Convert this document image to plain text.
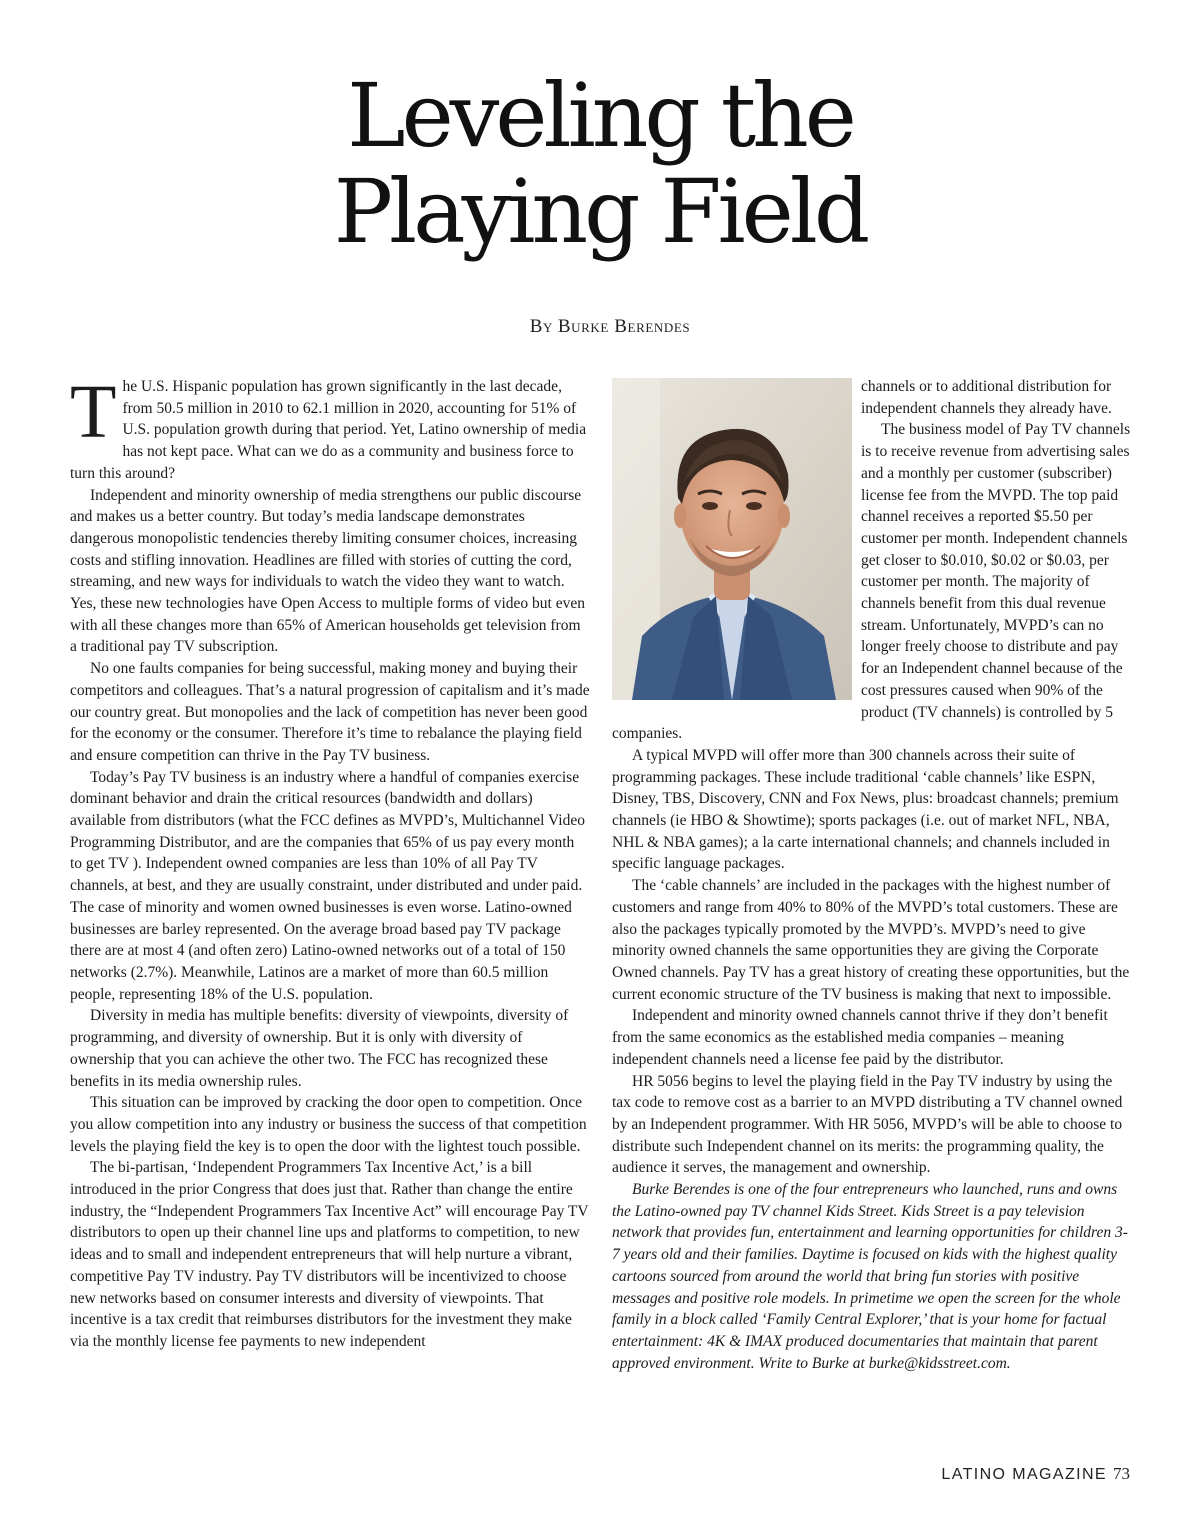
Leveling the
Playing Field
By Burke Berendes

The U.S. Hispanic population has grown significantly in the last decade, from 50.5 million in 2010 to 62.1 million in 2020, accounting for 51% of U.S. population growth during that period. Yet, Latino ownership of media has not kept pace. What can we do as a community and business force to turn this around?

Independent and minority ownership of media strengthens our public discourse and makes us a better country. But today’s media landscape demonstrates dangerous monopolistic tendencies thereby limiting consumer choices, increasing costs and stifling innovation. Headlines are filled with stories of cutting the cord, streaming, and new ways for individuals to watch the video they want to watch. Yes, these new technologies have Open Access to multiple forms of video but even with all these changes more than 65% of American households get television from a traditional pay TV subscription.

No one faults companies for being successful, making money and buying their competitors and colleagues. That’s a natural progression of capitalism and it’s made our country great. But monopolies and the lack of competition has never been good for the economy or the consumer. Therefore it’s time to rebalance the playing field and ensure competition can thrive in the Pay TV business.

Today’s Pay TV business is an industry where a handful of companies exercise dominant behavior and drain the critical resources (bandwidth and dollars) available from distributors (what the FCC defines as MVPD’s, Multichannel Video Programming Distributor, and are the companies that 65% of us pay every month to get TV ). Independent owned companies are less than 10% of all Pay TV channels, at best, and they are usually constraint, under distributed and under paid. The case of minority and women owned businesses is even worse. Latino-owned businesses are barley represented. On the average broad based pay TV package there are at most 4 (and often zero) Latino-owned networks out of a total of 150 networks (2.7%). Meanwhile, Latinos are a market of more than 60.5 million people, representing 18% of the U.S. population.

Diversity in media has multiple benefits: diversity of viewpoints, diversity of programming, and diversity of ownership. But it is only with diversity of ownership that you can achieve the other two. The FCC has recognized these benefits in its media ownership rules.

This situation can be improved by cracking the door open to competition. Once you allow competition into any industry or business the success of that competition levels the playing field the key is to open the door with the lightest touch possible.

The bi-partisan, ‘Independent Programmers Tax Incentive Act,’ is a bill introduced in the prior Congress that does just that. Rather than change the entire industry, the “Independent Programmers Tax Incentive Act” will encourage Pay TV distributors to open up their channel line ups and platforms to competition, to new ideas and to small and independent entrepreneurs that will help nurture a vibrant, competitive Pay TV industry. Pay TV distributors will be incentivized to choose new networks based on consumer interests and diversity of viewpoints. That incentive is a tax credit that reimburses distributors for the investment they make via the monthly license fee payments to new independent

channels or to additional distribution for independent channels they already have.

The business model of Pay TV channels is to receive revenue from advertising sales and a monthly per customer (subscriber) license fee from the MVPD. The top paid channel receives a reported $5.50 per customer per month. Independent channels get closer to $0.010, $0.02 or $0.03, per customer per month. The majority of channels benefit from this dual revenue stream. Unfortunately, MVPD’s can no longer freely choose to distribute and pay for an Independent channel because of the cost pressures caused when 90% of the product (TV channels) is controlled by 5 companies.

A typical MVPD will offer more than 300 channels across their suite of programming packages. These include traditional ‘cable channels’ like ESPN, Disney, TBS, Discovery, CNN and Fox News, plus: broadcast channels; premium channels (ie HBO & Showtime); sports packages (i.e. out of market NFL, NBA, NHL & NBA games); a la carte international channels; and channels included in specific language packages.

The ‘cable channels’ are included in the packages with the highest number of customers and range from 40% to 80% of the MVPD’s total customers. These are also the packages typically promoted by the MVPD’s. MVPD’s need to give minority owned channels the same opportunities they are giving the Corporate Owned channels. Pay TV has a great history of creating these opportunities, but the current economic structure of the TV business is making that next to impossible.

Independent and minority owned channels cannot thrive if they don’t benefit from the same economics as the established media companies – meaning independent channels need a license fee paid by the distributor.

HR 5056 begins to level the playing field in the Pay TV industry by using the tax code to remove cost as a barrier to an MVPD distributing a TV channel owned by an Independent programmer. With HR 5056, MVPD’s will be able to choose to distribute such Independent channel on its merits: the programming quality, the audience it serves, the management and ownership.

Burke Berendes is one of the four entrepreneurs who launched, runs and owns the Latino-owned pay TV channel Kids Street. Kids Street is a pay television network that provides fun, entertainment and learning opportunities for children 3-7 years old and their families. Daytime is focused on kids with the highest quality cartoons sourced from around the world that bring fun stories with positive messages and positive role models. In primetime we open the screen for the whole family in a block called ‘Family Central Explorer,’ that is your home for factual entertainment: 4K & IMAX produced documentaries that maintain that parent approved environment. Write to Burke at burke@kidsstreet.com.

LATINO MAGAZINE 73
